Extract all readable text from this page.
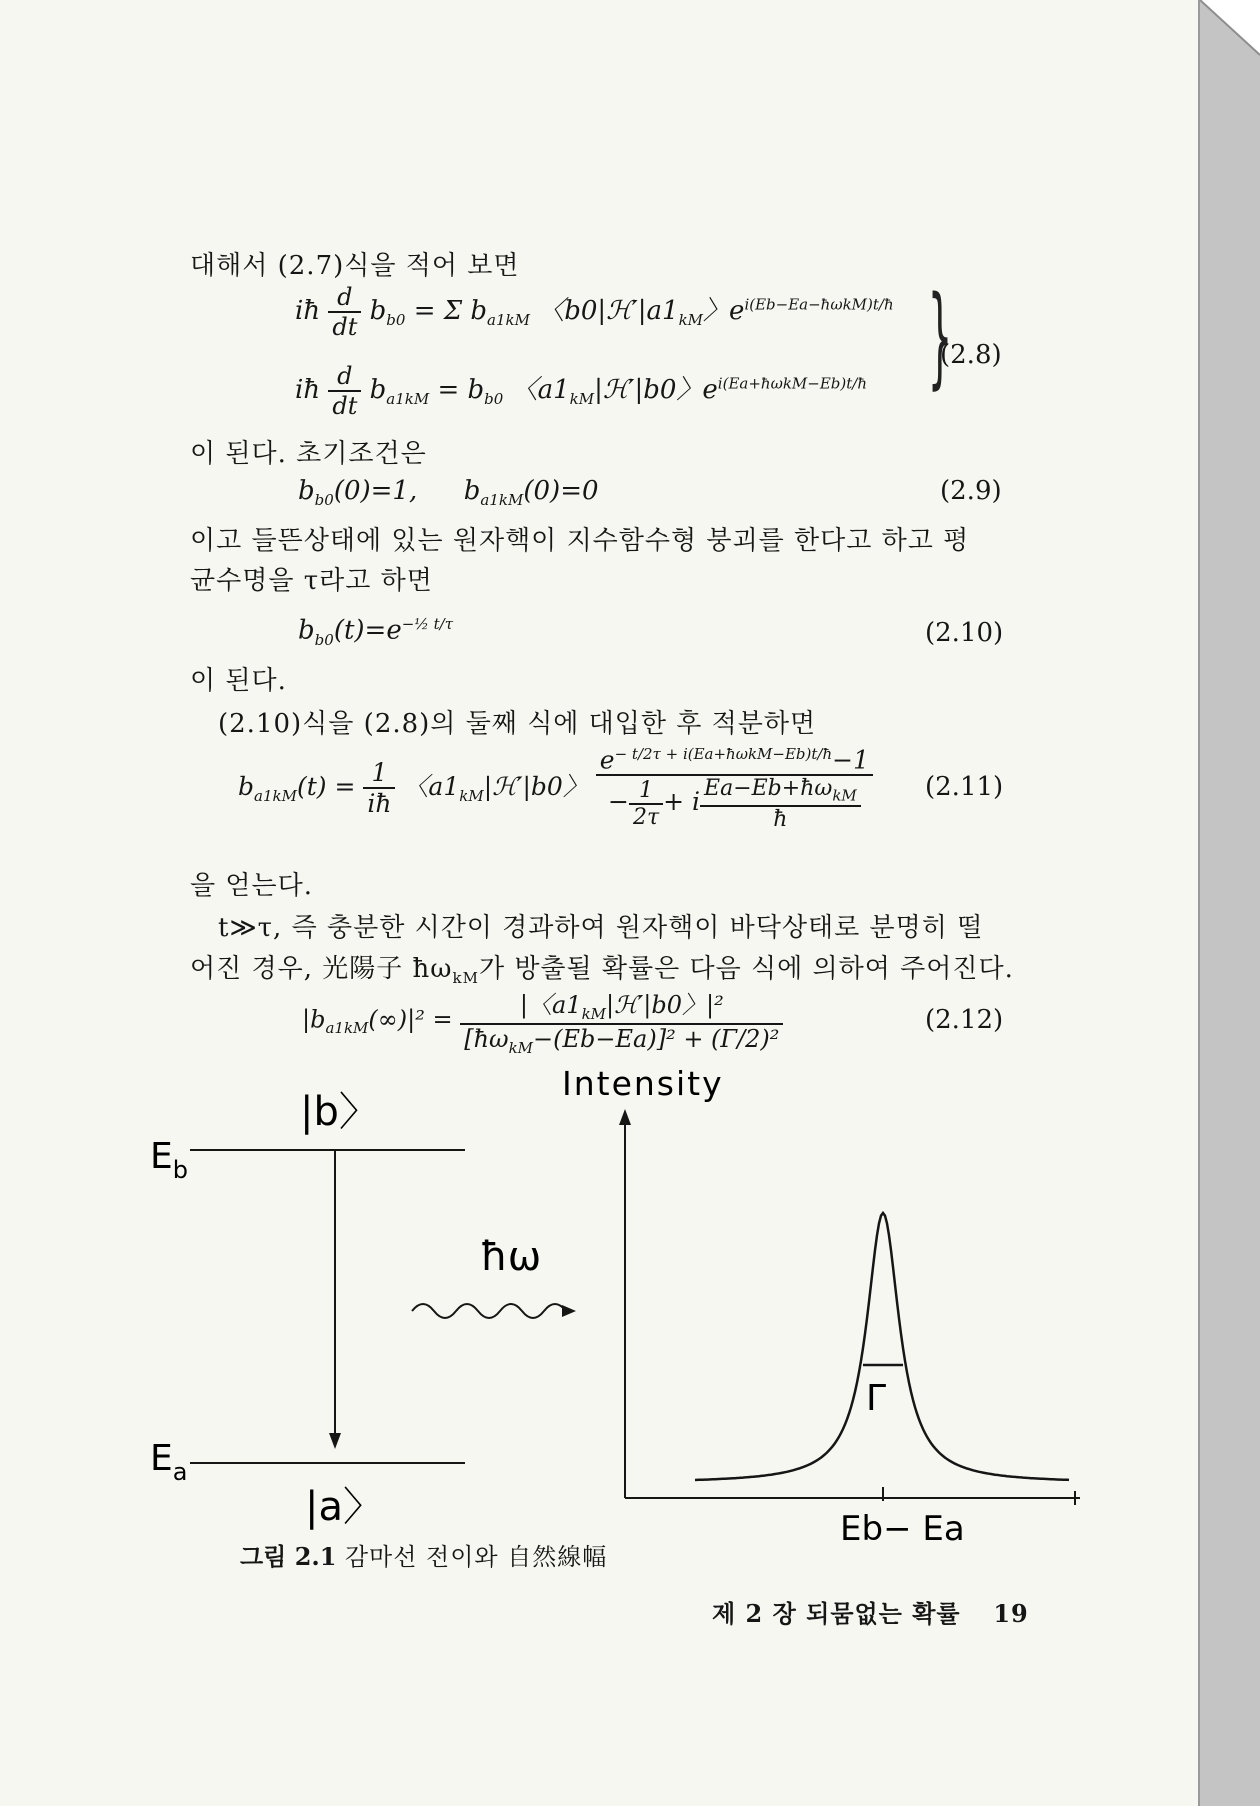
대해서 (2.7)식을 적어 보면
iħ $\frac{d}{dt} b_{b0} = \Sigma$ $b_{a1kM}$ 〈$b0|ℋ'|a1_{kM}$〉$e^{i(Eb-Ea-ħ\omega kM)t/ħ}$
iħ $\frac{d}{dt} b_{a1kM} = b_{b0}$ 〈$a1_{kM}|ℋ'|b0$〉$e^{i(Ea+ħ\omega kM-Eb)t/ħ}$ }
(2.8)
이 된다. 초기조건은
$b_{b0}(0)=1$, $b_{a1kM}(0)=0$	(2.9)
이고 들뜬상태에 있는 원자핵이 지수함수형 붕괴를 한다고 하고 평
균수명을 τ라고 하면
$b_{b0}(t)=e^{-\frac{1}{2} t/\tau}$	(2.10)
이 된다.
(2.10)식을 (2.8)의 둘째 식에 대입한 후 적분하면
$b_{a1kM}(t) = \frac{1}{iħ}$ 〈$a1_{kM}|ℋ'|b0$〉 $\frac{e^{- t/2\tau + i(Ea+ħ\omega kM-Eb)t/ħ}-1}{- \frac{1}{2\tau} + i \frac{Ea-Eb+ħ\omega_{kM}}{ħ}} (2.11)$
을 얻는다.
t≫τ, 즉 충분한 시간이 경과하여 원자핵이 바닥상태로 분명히 떨
어진 경우, 光陽子 $ħ\omega_{kM}$가 방출될 확률은 다음 식에 의하여 주어진다.
$|b_{a1kM}(\infty)|^2 = \frac{|〈a1_{kM}|ℋ'|b0〉|^2}{[ħ\omega_{kM}-(Eb-Ea)]^2 + (\Gamma/2)^2}$	(2.12)
|b〉
$E_b$
$E_a$
|a〉
ħω
Intensity
Γ
Eb− Ea
그림 2.1 감마선 전이와 自然線幅
제 2 장 되뭄없는 확률 19
